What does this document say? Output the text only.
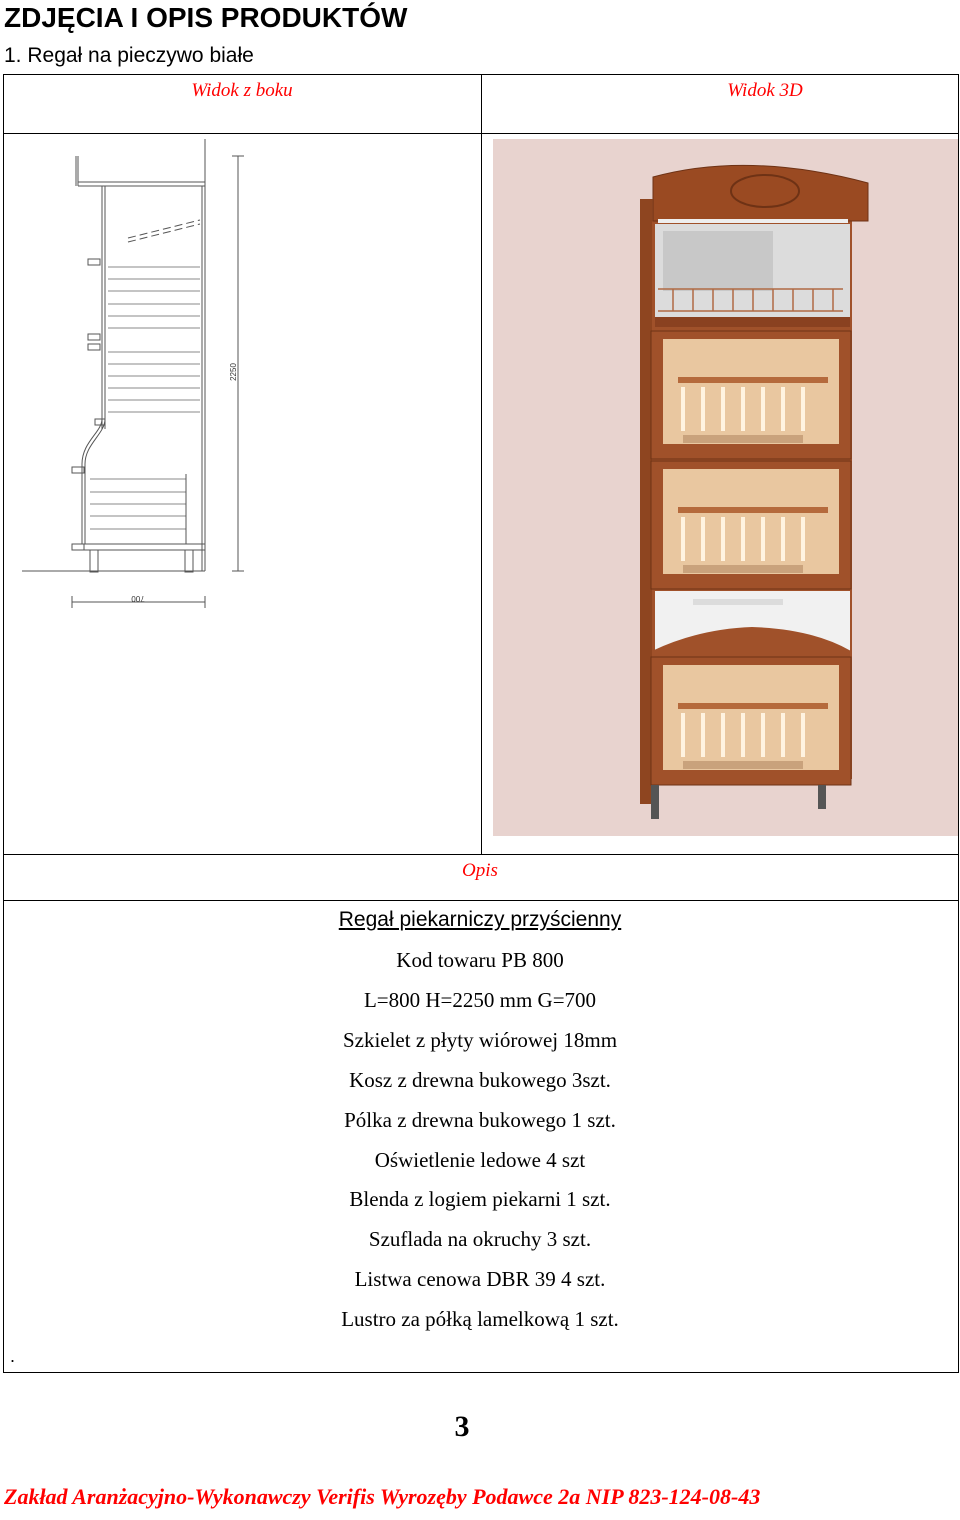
ZDJĘCIA I OPIS PRODUKTÓW
1. Regał na pieczywo białe
Widok z boku	Widok 3D
Opis
2250
700
Regał piekarniczy przyścienny
Kod towaru PB 800
L=800 H=2250 mm G=700
Szkielet z płyty wiórowej 18mm
Kosz z drewna bukowego 3szt.
Pólka z drewna bukowego 1 szt.
Oświetlenie ledowe 4 szt
Blenda z logiem piekarni 1 szt.
Szuflada na okruchy 3 szt.
Listwa cenowa DBR 39 4 szt.
Lustro za półką lamelkową 1 szt.
.
3
Zakład Aranżacyjno-Wykonawczy Verifis Wyrozęby Podawce 2a NIP 823-124-08-43
